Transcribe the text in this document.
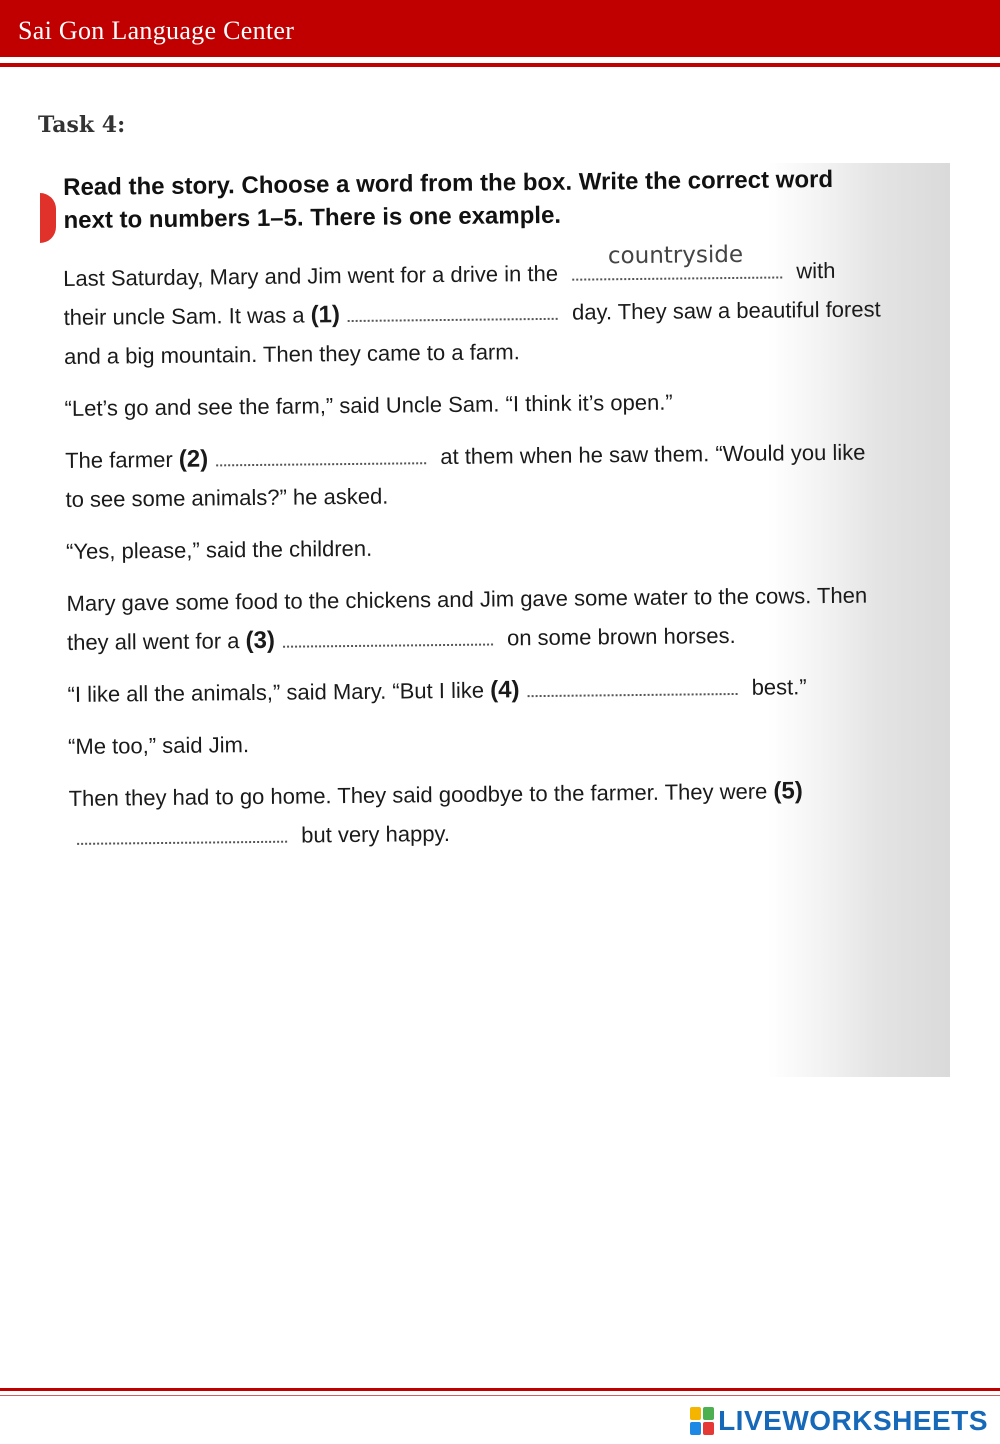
Sai Gon Language Center
Task 4:
Read the story. Choose a word from the box. Write the correct word next to numbers 1–5. There is one example.

Last Saturday, Mary and Jim went for a drive in the
countryside
with their uncle Sam. It was a (1)	day. They saw a beautiful forest and a big mountain. Then they came to a farm.

“Let’s go and see the farm,” said Uncle Sam. “I think it’s open.”

The farmer (2)	at them when he saw them. “Would you like to see some animals?” he asked.

“Yes, please,” said the children.

Mary gave some food to the chickens and Jim gave some water to the cows. Then they all went for a (3)	on some brown horses.

“I like all the animals,” said Mary. “But I like (4)	best.”

“Me too,” said Jim.

Then they had to go home. They said goodbye to the farmer. They were (5) but very happy.

LIVEWORKSHEETS
